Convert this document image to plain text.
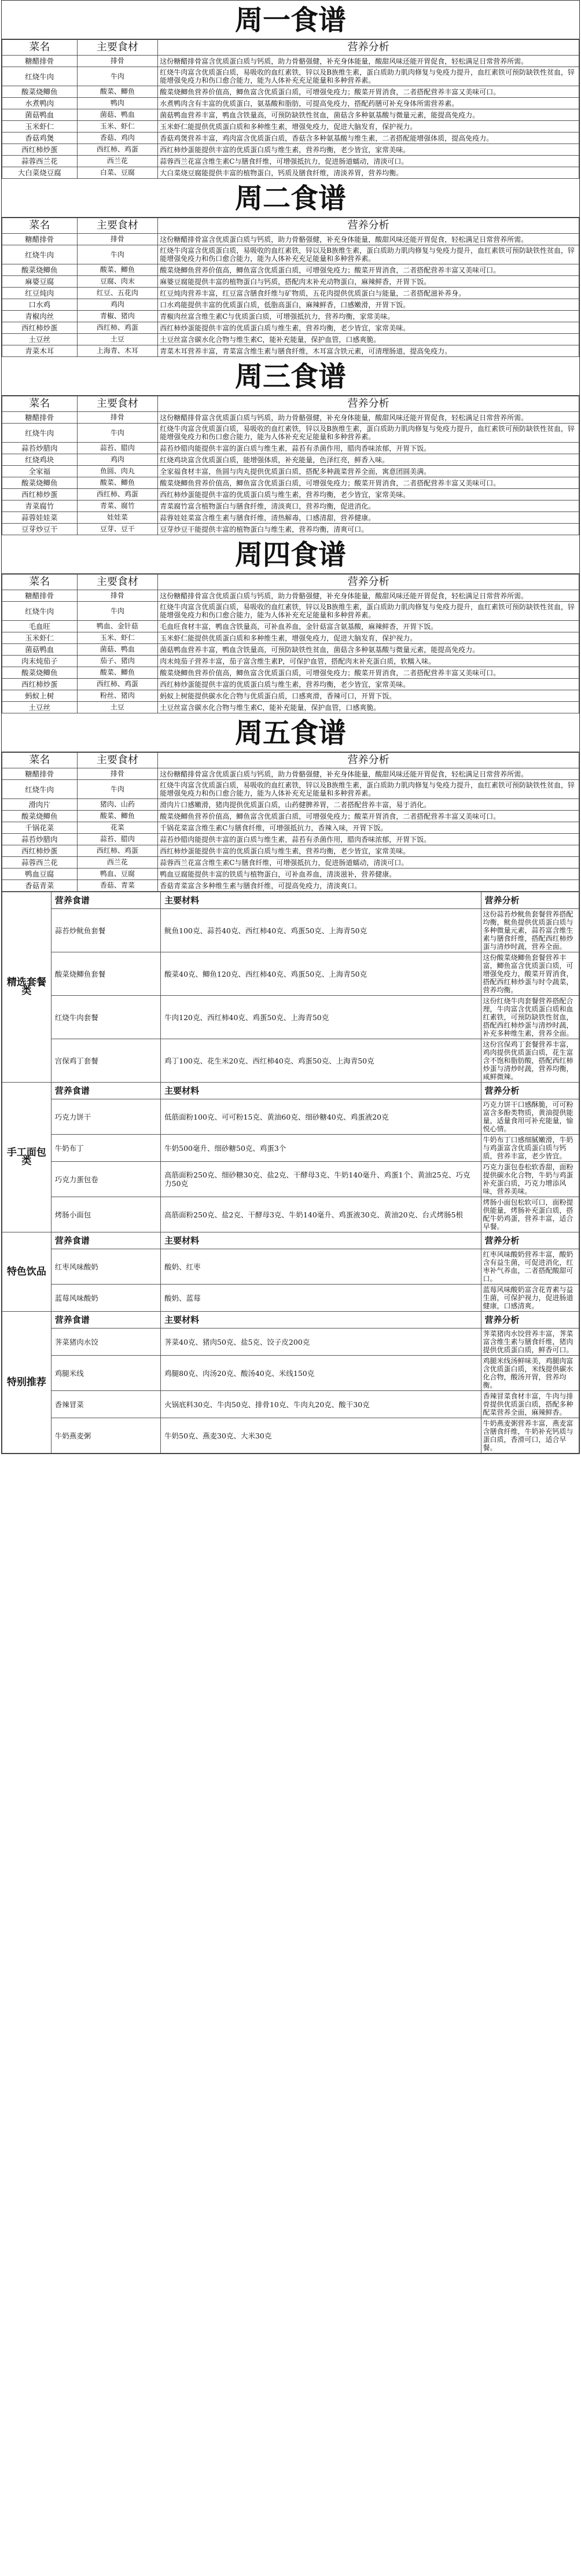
周一食谱
菜名	主要食材	营养分析
糖醋排骨	排骨	这份糖醋排骨富含优质蛋白质与钙质，助力骨骼强健，补充身体能量，酸甜风味还能开胃促食，轻松满足日常营养所需。
红烧牛肉	牛肉	红烧牛肉富含优质蛋白质，易吸收的血红素铁，锌以及B族维生素，蛋白质助力肌肉修复与免疫力提升，血红素铁可预防缺铁性贫血，锌能增强免疫力和伤口愈合能力，能为人体补充充足能量和多种营养素。
酸菜烧鲫鱼	酸菜、鲫鱼	酸菜烧鲫鱼营养价值高，鲫鱼富含优质蛋白质，可增强免疫力；酸菜开胃消食，二者搭配营养丰富又美味可口。
水煮鸭肉	鸭肉	水煮鸭肉含有丰富的优质蛋白，氨基酸和脂肪，可提高免疫力，搭配药膳可补充身体所需营养素。
菌菇鸭血	菌菇、鸭血	菌菇鸭血营养丰富，鸭血含铁量高，可预防缺铁性贫血，菌菇含多种氨基酸与微量元素，能提高免疫力。
玉米虾仁	玉米、虾仁	玉米虾仁能提供优质蛋白质和多种维生素，增强免疫力，促进大脑发育，保护视力。
香菇鸡煲	香菇、鸡肉	香菇鸡煲营养丰富，鸡肉富含优质蛋白质，香菇含多种氨基酸与维生素，二者搭配能增强体质，提高免疫力。
西红柿炒蛋	西红柿、鸡蛋	西红柿炒蛋能提供丰富的优质蛋白质与维生素，营养均衡，老少皆宜，家常美味。
蒜蓉西兰花	西兰花	蒜蓉西兰花富含维生素C与膳食纤维，可增强抵抗力，促进肠道蠕动，清淡可口。
大白菜烧豆腐	白菜、豆腐	大白菜烧豆腐能提供丰富的植物蛋白，钙质及膳食纤维，清淡养胃，营养均衡。
周二食谱
菜名	主要食材	营养分析
糖醋排骨	排骨	这份糖醋排骨富含优质蛋白质与钙质，助力骨骼强健，补充身体能量，酸甜风味还能开胃促食，轻松满足日常营养所需。
红烧牛肉	牛肉	红烧牛肉富含优质蛋白质，易吸收的血红素铁，锌以及B族维生素，蛋白质助力肌肉修复与免疫力提升，血红素铁可预防缺铁性贫血，锌能增强免疫力和伤口愈合能力，能为人体补充充足能量和多种营养素。
酸菜烧鲫鱼	酸菜、鲫鱼	酸菜烧鲫鱼营养价值高，鲫鱼富含优质蛋白质，可增强免疫力；酸菜开胃消食，二者搭配营养丰富又美味可口。
麻婆豆腐	豆腐、肉末	麻婆豆腐能提供丰富的植物蛋白与钙质，搭配肉末补充动物蛋白，麻辣鲜香，开胃下饭。
红豆炖肉	红豆、五花肉	红豆炖肉营养丰富，红豆富含膳食纤维与矿物质，五花肉提供优质蛋白与能量，二者搭配滋补养身。
口水鸡	鸡肉	口水鸡能提供丰富的优质蛋白质，低脂高蛋白，麻辣鲜香，口感嫩滑，开胃下饭。
青椒肉丝	青椒、猪肉	青椒肉丝富含维生素C与优质蛋白质，可增强抵抗力，营养均衡，家常美味。
西红柿炒蛋	西红柿、鸡蛋	西红柿炒蛋能提供丰富的优质蛋白质与维生素，营养均衡，老少皆宜，家常美味。
土豆丝	土豆	土豆丝富含碳水化合物与维生素C，能补充能量，保护血管，口感爽脆。
青菜木耳	上海青、木耳	青菜木耳营养丰富，青菜富含维生素与膳食纤维，木耳富含铁元素，可清理肠道，提高免疫力。
周三食谱
菜名	主要食材	营养分析
糖醋排骨	排骨	这份糖醋排骨富含优质蛋白质与钙质，助力骨骼强健，补充身体能量，酸甜风味还能开胃促食，轻松满足日常营养所需。
红烧牛肉	牛肉	红烧牛肉富含优质蛋白质，易吸收的血红素铁，锌以及B族维生素，蛋白质助力肌肉修复与免疫力提升，血红素铁可预防缺铁性贫血，锌能增强免疫力和伤口愈合能力，能为人体补充充足能量和多种营养素。
蒜苔炒腊肉	蒜苔、腊肉	蒜苔炒腊肉能提供丰富的蛋白质与维生素，蒜苔有杀菌作用，腊肉香味浓郁，开胃下饭。
红烧鸡块	鸡肉	红烧鸡块富含优质蛋白质，能增强体质，补充能量，色泽红亮，鲜香入味。
全家福	鱼圆、肉丸	全家福食材丰富，鱼圆与肉丸提供优质蛋白质，搭配多种蔬菜营养全面，寓意团圆美满。
酸菜烧鲫鱼	酸菜、鲫鱼	酸菜烧鲫鱼营养价值高，鲫鱼富含优质蛋白质，可增强免疫力；酸菜开胃消食，二者搭配营养丰富又美味可口。
西红柿炒蛋	西红柿、鸡蛋	西红柿炒蛋能提供丰富的优质蛋白质与维生素，营养均衡，老少皆宜，家常美味。
青菜腐竹	青菜、腐竹	青菜腐竹富含植物蛋白与膳食纤维，清淡爽口，营养均衡，促进消化。
蒜蓉娃娃菜	娃娃菜	蒜蓉娃娃菜富含维生素与膳食纤维，清热解毒，口感清甜，营养健康。
豆芽炒豆干	豆芽、豆干	豆芽炒豆干能提供丰富的植物蛋白与维生素，营养均衡，清爽可口。
周四食谱
菜名	主要食材	营养分析
糖醋排骨	排骨	这份糖醋排骨富含优质蛋白质与钙质，助力骨骼强健，补充身体能量，酸甜风味还能开胃促食，轻松满足日常营养所需。
红烧牛肉	牛肉	红烧牛肉富含优质蛋白质，易吸收的血红素铁，锌以及B族维生素，蛋白质助力肌肉修复与免疫力提升，血红素铁可预防缺铁性贫血，锌能增强免疫力和伤口愈合能力，能为人体补充充足能量和多种营养素。
毛血旺	鸭血、金针菇	毛血旺食材丰富，鸭血含铁量高，可补血养血，金针菇富含氨基酸，麻辣鲜香，开胃下饭。
玉米虾仁	玉米、虾仁	玉米虾仁能提供优质蛋白质和多种维生素，增强免疫力，促进大脑发育，保护视力。
菌菇鸭血	菌菇、鸭血	菌菇鸭血营养丰富，鸭血含铁量高，可预防缺铁性贫血，菌菇含多种氨基酸与微量元素，能提高免疫力。
肉末炖茄子	茄子、猪肉	肉末炖茄子营养丰富，茄子富含维生素P，可保护血管，搭配肉末补充蛋白质，软糯入味。
酸菜烧鲫鱼	酸菜、鲫鱼	酸菜烧鲫鱼营养价值高，鲫鱼富含优质蛋白质，可增强免疫力；酸菜开胃消食，二者搭配营养丰富又美味可口。
西红柿炒蛋	西红柿、鸡蛋	西红柿炒蛋能提供丰富的优质蛋白质与维生素，营养均衡，老少皆宜，家常美味。
蚂蚁上树	粉丝、猪肉	蚂蚁上树能提供碳水化合物与优质蛋白质，口感爽滑，香辣可口，开胃下饭。
土豆丝	土豆	土豆丝富含碳水化合物与维生素C，能补充能量，保护血管，口感爽脆。
周五食谱
菜名	主要食材	营养分析
糖醋排骨	排骨	这份糖醋排骨富含优质蛋白质与钙质，助力骨骼强健，补充身体能量，酸甜风味还能开胃促食，轻松满足日常营养所需。
红烧牛肉	牛肉	红烧牛肉富含优质蛋白质，易吸收的血红素铁，锌以及B族维生素，蛋白质助力肌肉修复与免疫力提升，血红素铁可预防缺铁性贫血，锌能增强免疫力和伤口愈合能力，能为人体补充充足能量和多种营养素。
滑肉片	猪肉、山药	滑肉片口感嫩滑，猪肉提供优质蛋白质，山药健脾养胃，二者搭配营养丰富，易于消化。
酸菜烧鲫鱼	酸菜、鲫鱼	酸菜烧鲫鱼营养价值高，鲫鱼富含优质蛋白质，可增强免疫力；酸菜开胃消食，二者搭配营养丰富又美味可口。
千锅花菜	花菜	千锅花菜富含维生素C与膳食纤维，可增强抵抗力，香辣入味，开胃下饭。
蒜苔炒腊肉	蒜苔、腊肉	蒜苔炒腊肉能提供丰富的蛋白质与维生素，蒜苔有杀菌作用，腊肉香味浓郁，开胃下饭。
西红柿炒蛋	西红柿、鸡蛋	西红柿炒蛋能提供丰富的优质蛋白质与维生素，营养均衡，老少皆宜，家常美味。
蒜蓉西兰花	西兰花	蒜蓉西兰花富含维生素C与膳食纤维，可增强抵抗力，促进肠道蠕动，清淡可口。
鸭血豆腐	鸭血、豆腐	鸭血豆腐能提供丰富的铁质与植物蛋白，可补血养血，清淡滋补，营养健康。
香菇青菜	香菇、青菜	香菇青菜富含多种维生素与膳食纤维，可提高免疫力，清淡爽口。
精选套餐类	营养食谱	主要材料	营养分析
	蒜苔炒鱿鱼套餐	鱿鱼100克、蒜苔40克、西红柿40克、鸡蛋50克、上海青50克	这份蒜苔炒鱿鱼套餐营养搭配均衡，鱿鱼提供优质蛋白质与多种微量元素，蒜苔富含维生素与膳食纤维，搭配西红柿炒蛋与清炒时蔬，营养全面。
	酸菜烧鲫鱼套餐	酸菜40克、鲫鱼120克、西红柿40克、鸡蛋50克、上海青50克	这份酸菜烧鲫鱼套餐营养丰富，鲫鱼富含优质蛋白质，可增强免疫力，酸菜开胃消食，搭配西红柿炒蛋与时令蔬菜，营养均衡。
	红烧牛肉套餐	牛肉120克、西红柿40克、鸡蛋50克、上海青50克	这份红烧牛肉套餐营养搭配合理，牛肉富含优质蛋白质和血红素铁，可预防缺铁性贫血，搭配西红柿炒蛋与清炒时蔬，补充多种维生素，营养全面。
	宫保鸡丁套餐	鸡丁100克、花生米20克、西红柿40克、鸡蛋50克、上海青50克	这份宫保鸡丁套餐营养丰富，鸡肉提供优质蛋白质，花生富含不饱和脂肪酸，搭配西红柿炒蛋与清炒时蔬，营养均衡，咸鲜微辣。
手工面包类	营养食谱	主要材料	营养分析
	巧克力饼干	低筋面粉100克、可可粉15克、黄油60克、细砂糖40克、鸡蛋液20克	巧克力饼干口感酥脆，可可粉富含多酚类物质，黄油提供能量，适量食用可补充能量，愉悦心情。
	牛奶布丁	牛奶500毫升、细砂糖50克、鸡蛋3个	牛奶布丁口感细腻嫩滑，牛奶与鸡蛋富含优质蛋白质与钙质，营养丰富，老少皆宜。
	巧克力蛋包卷	高筋面粉250克、细砂糖30克、盐2克、干酵母3克、牛奶140毫升、鸡蛋1个、黄油25克、巧克力50克	巧克力蛋包卷松软香甜，面粉提供碳水化合物，牛奶与鸡蛋补充蛋白质，巧克力增添风味，营养美味。
	烤肠小面包	高筋面粉250克、盐2克、干酵母3克、牛奶140毫升、鸡蛋液30克、黄油20克、台式烤肠5根	烤肠小面包松软可口，面粉提供能量，烤肠补充蛋白质，搭配牛奶鸡蛋，营养丰富，适合早餐。
特色饮品	营养食谱	主要材料	营养分析
	红枣风味酸奶	酸奶、红枣	红枣风味酸奶营养丰富，酸奶含有益生菌，可促进消化，红枣补气养血，二者搭配酸甜可口。
	蓝莓风味酸奶	酸奶、蓝莓	蓝莓风味酸奶富含花青素与益生菌，可保护视力，促进肠道健康，口感清爽。
特别推荐	营养食谱	主要材料	营养分析
	荠菜猪肉水饺	荠菜40克、猪肉50克、盐5克、饺子皮200克	荠菜猪肉水饺营养丰富，荠菜富含维生素与膳食纤维，猪肉提供优质蛋白质，鲜香可口。
	鸡腿米线	鸡腿80克、肉汤20克、酸汤40克、米线150克	鸡腿米线汤鲜味美，鸡腿肉富含优质蛋白质，米线提供碳水化合物，酸汤开胃，营养均衡。
	香辣冒菜	火锅底料30克、牛肉50克、排骨10克、牛肉丸20克、酸干30克	香辣冒菜食材丰富，牛肉与排骨提供优质蛋白质，搭配多种配菜营养全面，麻辣鲜香。
	牛奶燕麦粥	牛奶50克、燕麦30克、大米30克	牛奶燕麦粥营养丰富，燕麦富含膳食纤维，牛奶补充钙质与蛋白质，香滑可口，适合早餐。
